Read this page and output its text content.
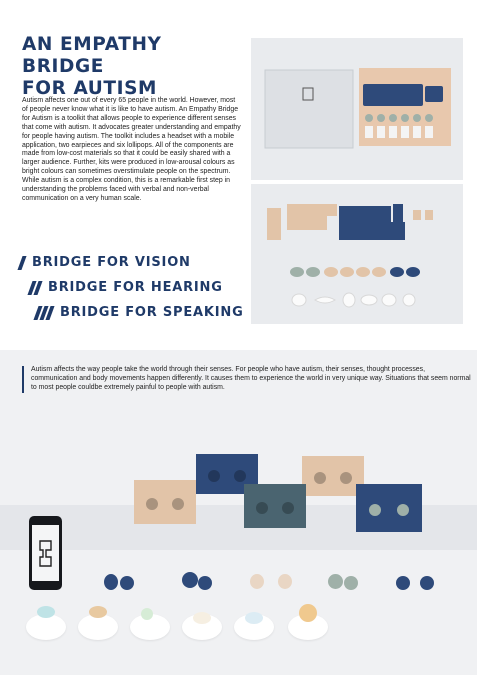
AN EMPATHY BRIDGE
FOR AUTISM
Autism affects one out of every 65 people in the world. However, most of people never know what it is like to have autism. An Empathy Bridge for Autism is a toolkit that allows people to experience different senses that come with autism. It advocates greater understanding and empathy for people having autism. The toolkit includes a headset with a mobile application, two earpieces and six lollipops. All of the components are made from low-cost materials so that it could be easily shared with a larger audience. Further, kits were produced in low-arousal colours as bright colours can sometimes overstimulate people on the spectrum. While autism is a complex condition, this is a remarkable first step in understanding the problems faced with verbal and non-verbal communication on a very human scale.
BRIDGE FOR VISION
BRIDGE FOR HEARING
BRIDGE FOR SPEAKING
Autism affects the way people take the world through their senses. For people who have autism, their senses, thought processes, communication and body movements happen differently. It causes them to experience the world in very unique way. Situations that seem normal to most people couldbe extremely painful to people with autism.
